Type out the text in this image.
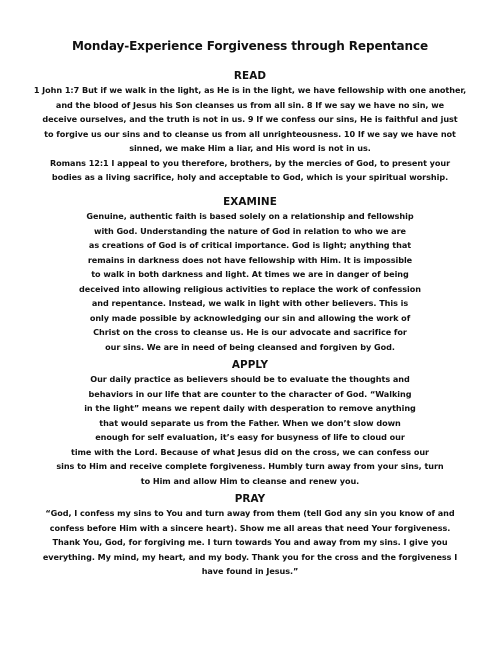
Monday-Experience Forgiveness through Repentance

READ

1 John 1:7 But if we walk in the light, as He is in the light, we have fellowship with one another,
and the blood of Jesus his Son cleanses us from all sin. 8 If we say we have no sin, we
deceive ourselves, and the truth is not in us. 9 If we confess our sins, He is faithful and just
to forgive us our sins and to cleanse us from all unrighteousness. 10 If we say we have not
sinned, we make Him a liar, and His word is not in us.
Romans 12:1 I appeal to you therefore, brothers, by the mercies of God, to present your
bodies as a living sacrifice, holy and acceptable to God, which is your spiritual worship.

EXAMINE

Genuine, authentic faith is based solely on a relationship and fellowship
with God. Understanding the nature of God in relation to who we are
as creations of God is of critical importance. God is light; anything that
remains in darkness does not have fellowship with Him. It is impossible
to walk in both darkness and light. At times we are in danger of being
deceived into allowing religious activities to replace the work of confession
and repentance. Instead, we walk in light with other believers. This is
only made possible by acknowledging our sin and allowing the work of
Christ on the cross to cleanse us. He is our advocate and sacrifice for
our sins. We are in need of being cleansed and forgiven by God.

APPLY

Our daily practice as believers should be to evaluate the thoughts and
behaviors in our life that are counter to the character of God. “Walking
in the light” means we repent daily with desperation to remove anything
that would separate us from the Father. When we don’t slow down
enough for self evaluation, it’s easy for busyness of life to cloud our
time with the Lord. Because of what Jesus did on the cross, we can confess our
sins to Him and receive complete forgiveness. Humbly turn away from your sins, turn
to Him and allow Him to cleanse and renew you.

PRAY

“God, I confess my sins to You and turn away from them (tell God any sin you know of and
confess before Him with a sincere heart). Show me all areas that need Your forgiveness.
Thank You, God, for forgiving me. I turn towards You and away from my sins. I give you
everything. My mind, my heart, and my body. Thank you for the cross and the forgiveness I
have found in Jesus.”
